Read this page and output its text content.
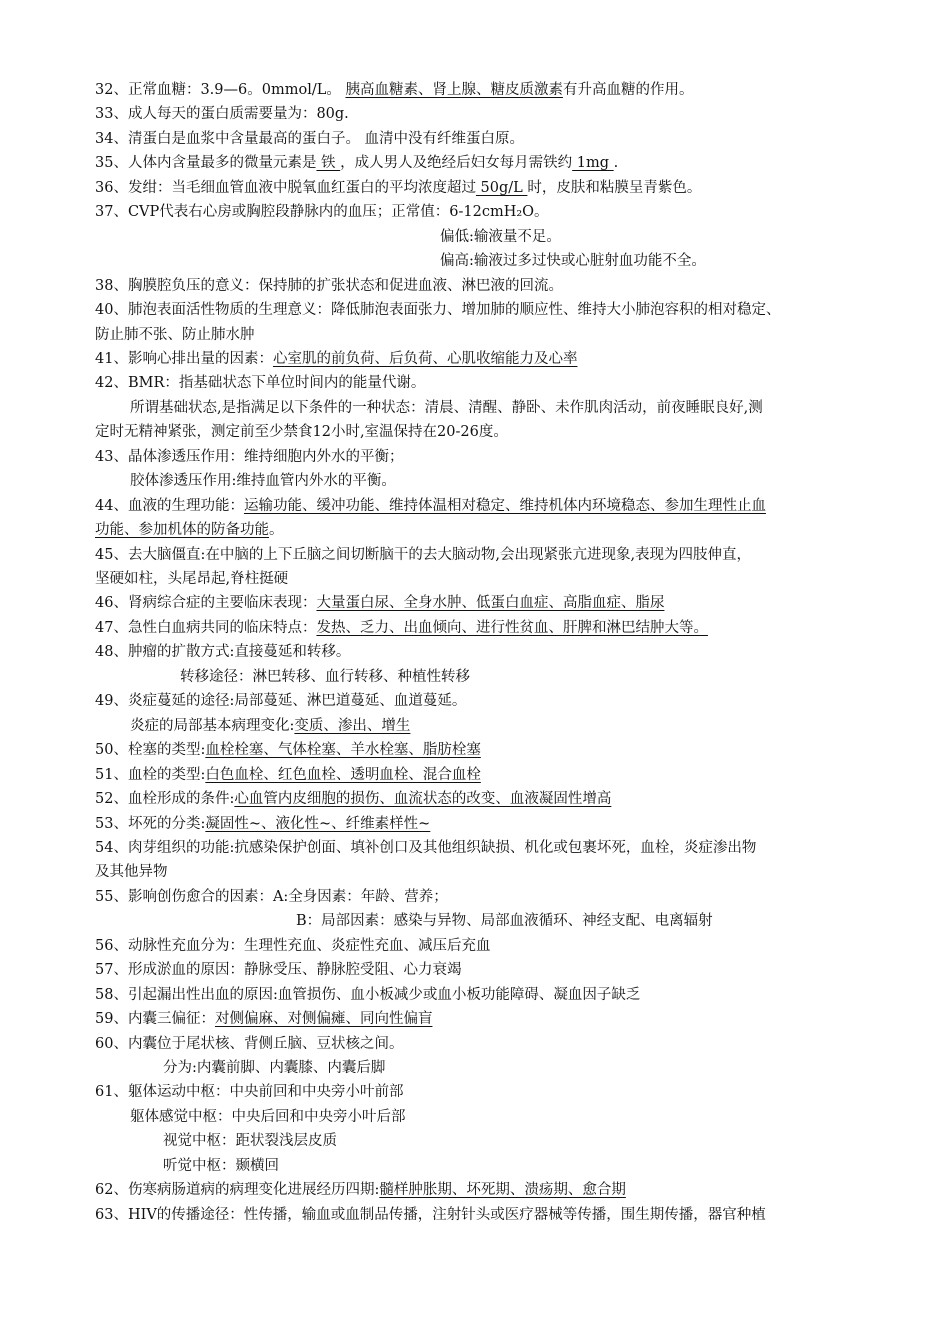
32、正常血糖：3.9—6。0mmol/L。 胰高血糖素、肾上腺、糖皮质激素有升高血糖的作用。
33、成人每天的蛋白质需要量为：80g.
34、清蛋白是血浆中含量最高的蛋白子。 血清中没有纤维蛋白原。
35、人体内含量最多的微量元素是 铁 ，成人男人及绝经后妇女每月需铁约 1mg .
36、发绀：当毛细血管血液中脱氧血红蛋白的平均浓度超过 50g/L 时，皮肤和粘膜呈青紫色。
37、CVP代表右心房或胸腔段静脉内的血压；正常值：6-12cmH₂O。
偏低:输液量不足。
偏高:输液过多过快或心脏射血功能不全。
38、胸膜腔负压的意义：保持肺的扩张状态和促进血液、淋巴液的回流。
40、肺泡表面活性物质的生理意义：降低肺泡表面张力、增加肺的顺应性、维持大小肺泡容积的相对稳定、
防止肺不张、防止肺水肿
41、影响心排出量的因素：心室肌的前负荷、后负荷、心肌收缩能力及心率
42、BMR：指基础状态下单位时间内的能量代谢。
所谓基础状态,是指满足以下条件的一种状态：清晨、清醒、静卧、未作肌肉活动，前夜睡眠良好,测
定时无精神紧张，测定前至少禁食12小时,室温保持在20-26度。
43、晶体渗透压作用：维持细胞内外水的平衡；
胶体渗透压作用:维持血管内外水的平衡。
44、血液的生理功能：运输功能、缓冲功能、维持体温相对稳定、维持机体内环境稳态、参加生理性止血
功能、参加机体的防备功能。
45、去大脑僵直:在中脑的上下丘脑之间切断脑干的去大脑动物,会出现紧张亢进现象,表现为四肢伸直，
坚硬如柱，头尾昂起,脊柱挺硬
46、肾病综合症的主要临床表现：大量蛋白尿、全身水肿、低蛋白血症、高脂血症、脂尿
47、急性白血病共同的临床特点：发热、乏力、出血倾向、进行性贫血、肝脾和淋巴结肿大等。
48、肿瘤的扩散方式:直接蔓延和转移。
转移途径：淋巴转移、血行转移、种植性转移
49、炎症蔓延的途径:局部蔓延、淋巴道蔓延、血道蔓延。
炎症的局部基本病理变化:变质、渗出、增生
50、栓塞的类型:血栓栓塞、气体栓塞、羊水栓塞、脂肪栓塞
51、血栓的类型:白色血栓、红色血栓、透明血栓、混合血栓
52、血栓形成的条件:心血管内皮细胞的损伤、血流状态的改变、血液凝固性增高
53、坏死的分类:凝固性~、液化性~、纤维素样性~
54、肉芽组织的功能:抗感染保护创面、填补创口及其他组织缺损、机化或包裹坏死，血栓，炎症渗出物
及其他异物
55、影响创伤愈合的因素：A:全身因素：年龄、营养；
B：局部因素：感染与异物、局部血液循环、神经支配、电离辐射
56、动脉性充血分为：生理性充血、炎症性充血、减压后充血
57、形成淤血的原因：静脉受压、静脉腔受阻、心力衰竭
58、引起漏出性出血的原因:血管损伤、血小板减少或血小板功能障碍、凝血因子缺乏
59、内囊三偏征：对侧偏麻、对侧偏瘫、同向性偏盲
60、内囊位于尾状核、背侧丘脑、豆状核之间。
分为:内囊前脚、内囊膝、内囊后脚
61、躯体运动中枢：中央前回和中央旁小叶前部
躯体感觉中枢：中央后回和中央旁小叶后部
视觉中枢：距状裂浅层皮质
听觉中枢：颞横回
62、伤寒病肠道病的病理变化进展经历四期:髓样肿胀期、坏死期、溃疡期、愈合期
63、HIV的传播途径：性传播，输血或血制品传播，注射针头或医疗器械等传播，围生期传播，器官种植
